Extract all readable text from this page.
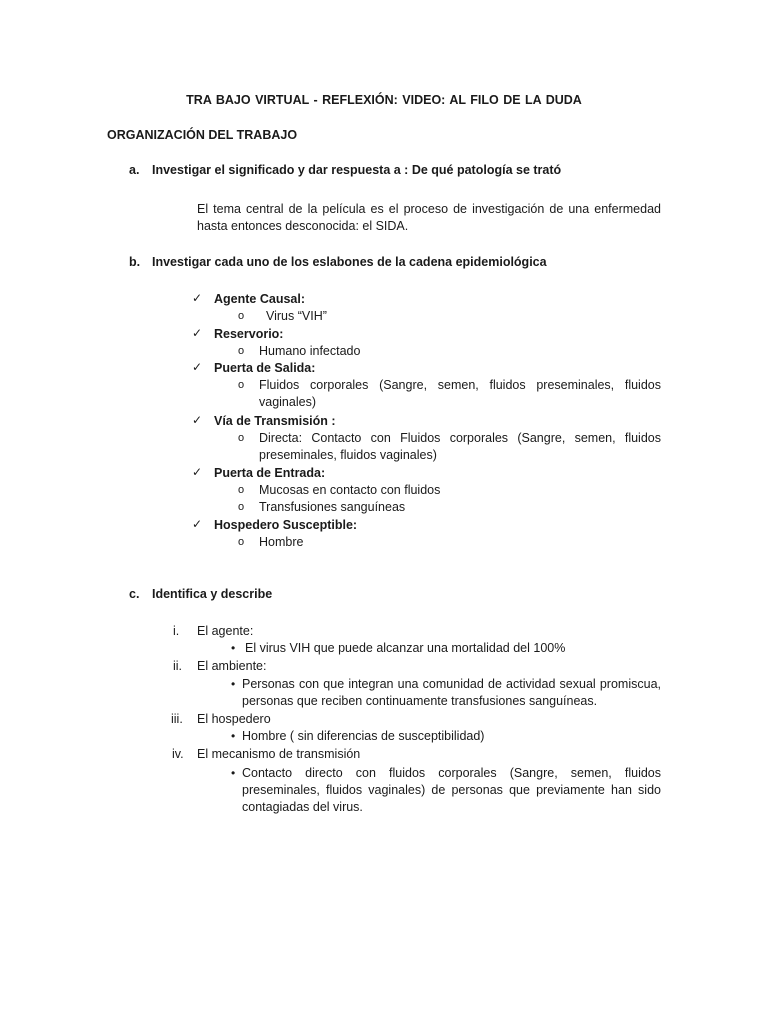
TRA BAJO VIRTUAL - REFLEXIÓN: VIDEO: AL FILO DE LA DUDA
ORGANIZACIÓN DEL TRABAJO
a. Investigar el significado y dar respuesta a : De qué patología se trató
El tema central de la película es el proceso de investigación de una enfermedad hasta entonces desconocida: el SIDA.
b. Investigar cada uno de los eslabones de la cadena epidemiológica
✓ Agente Causal:
o Virus “VIH”
✓ Reservorio:
o Humano infectado
✓ Puerta de Salida:
o Fluidos corporales (Sangre, semen, fluidos preseminales, fluidos vaginales)
✓ Vía de Transmisión :
o Directa: Contacto con Fluidos corporales (Sangre, semen, fluidos preseminales, fluidos vaginales)
✓ Puerta de Entrada:
o Mucosas en contacto con fluidos
o Transfusiones sanguíneas
✓ Hospedero Susceptible:
o Hombre
c. Identifica y describe
i. El agente:
• El virus VIH que puede alcanzar una mortalidad del 100%
ii. El ambiente:
• Personas con que integran una comunidad de actividad sexual promiscua, personas que reciben continuamente transfusiones sanguíneas.
iii. El hospedero
• Hombre ( sin diferencias de susceptibilidad)
iv. El mecanismo de transmisión
• Contacto directo con fluidos corporales (Sangre, semen, fluidos preseminales, fluidos vaginales) de personas que previamente han sido contagiadas del virus.
